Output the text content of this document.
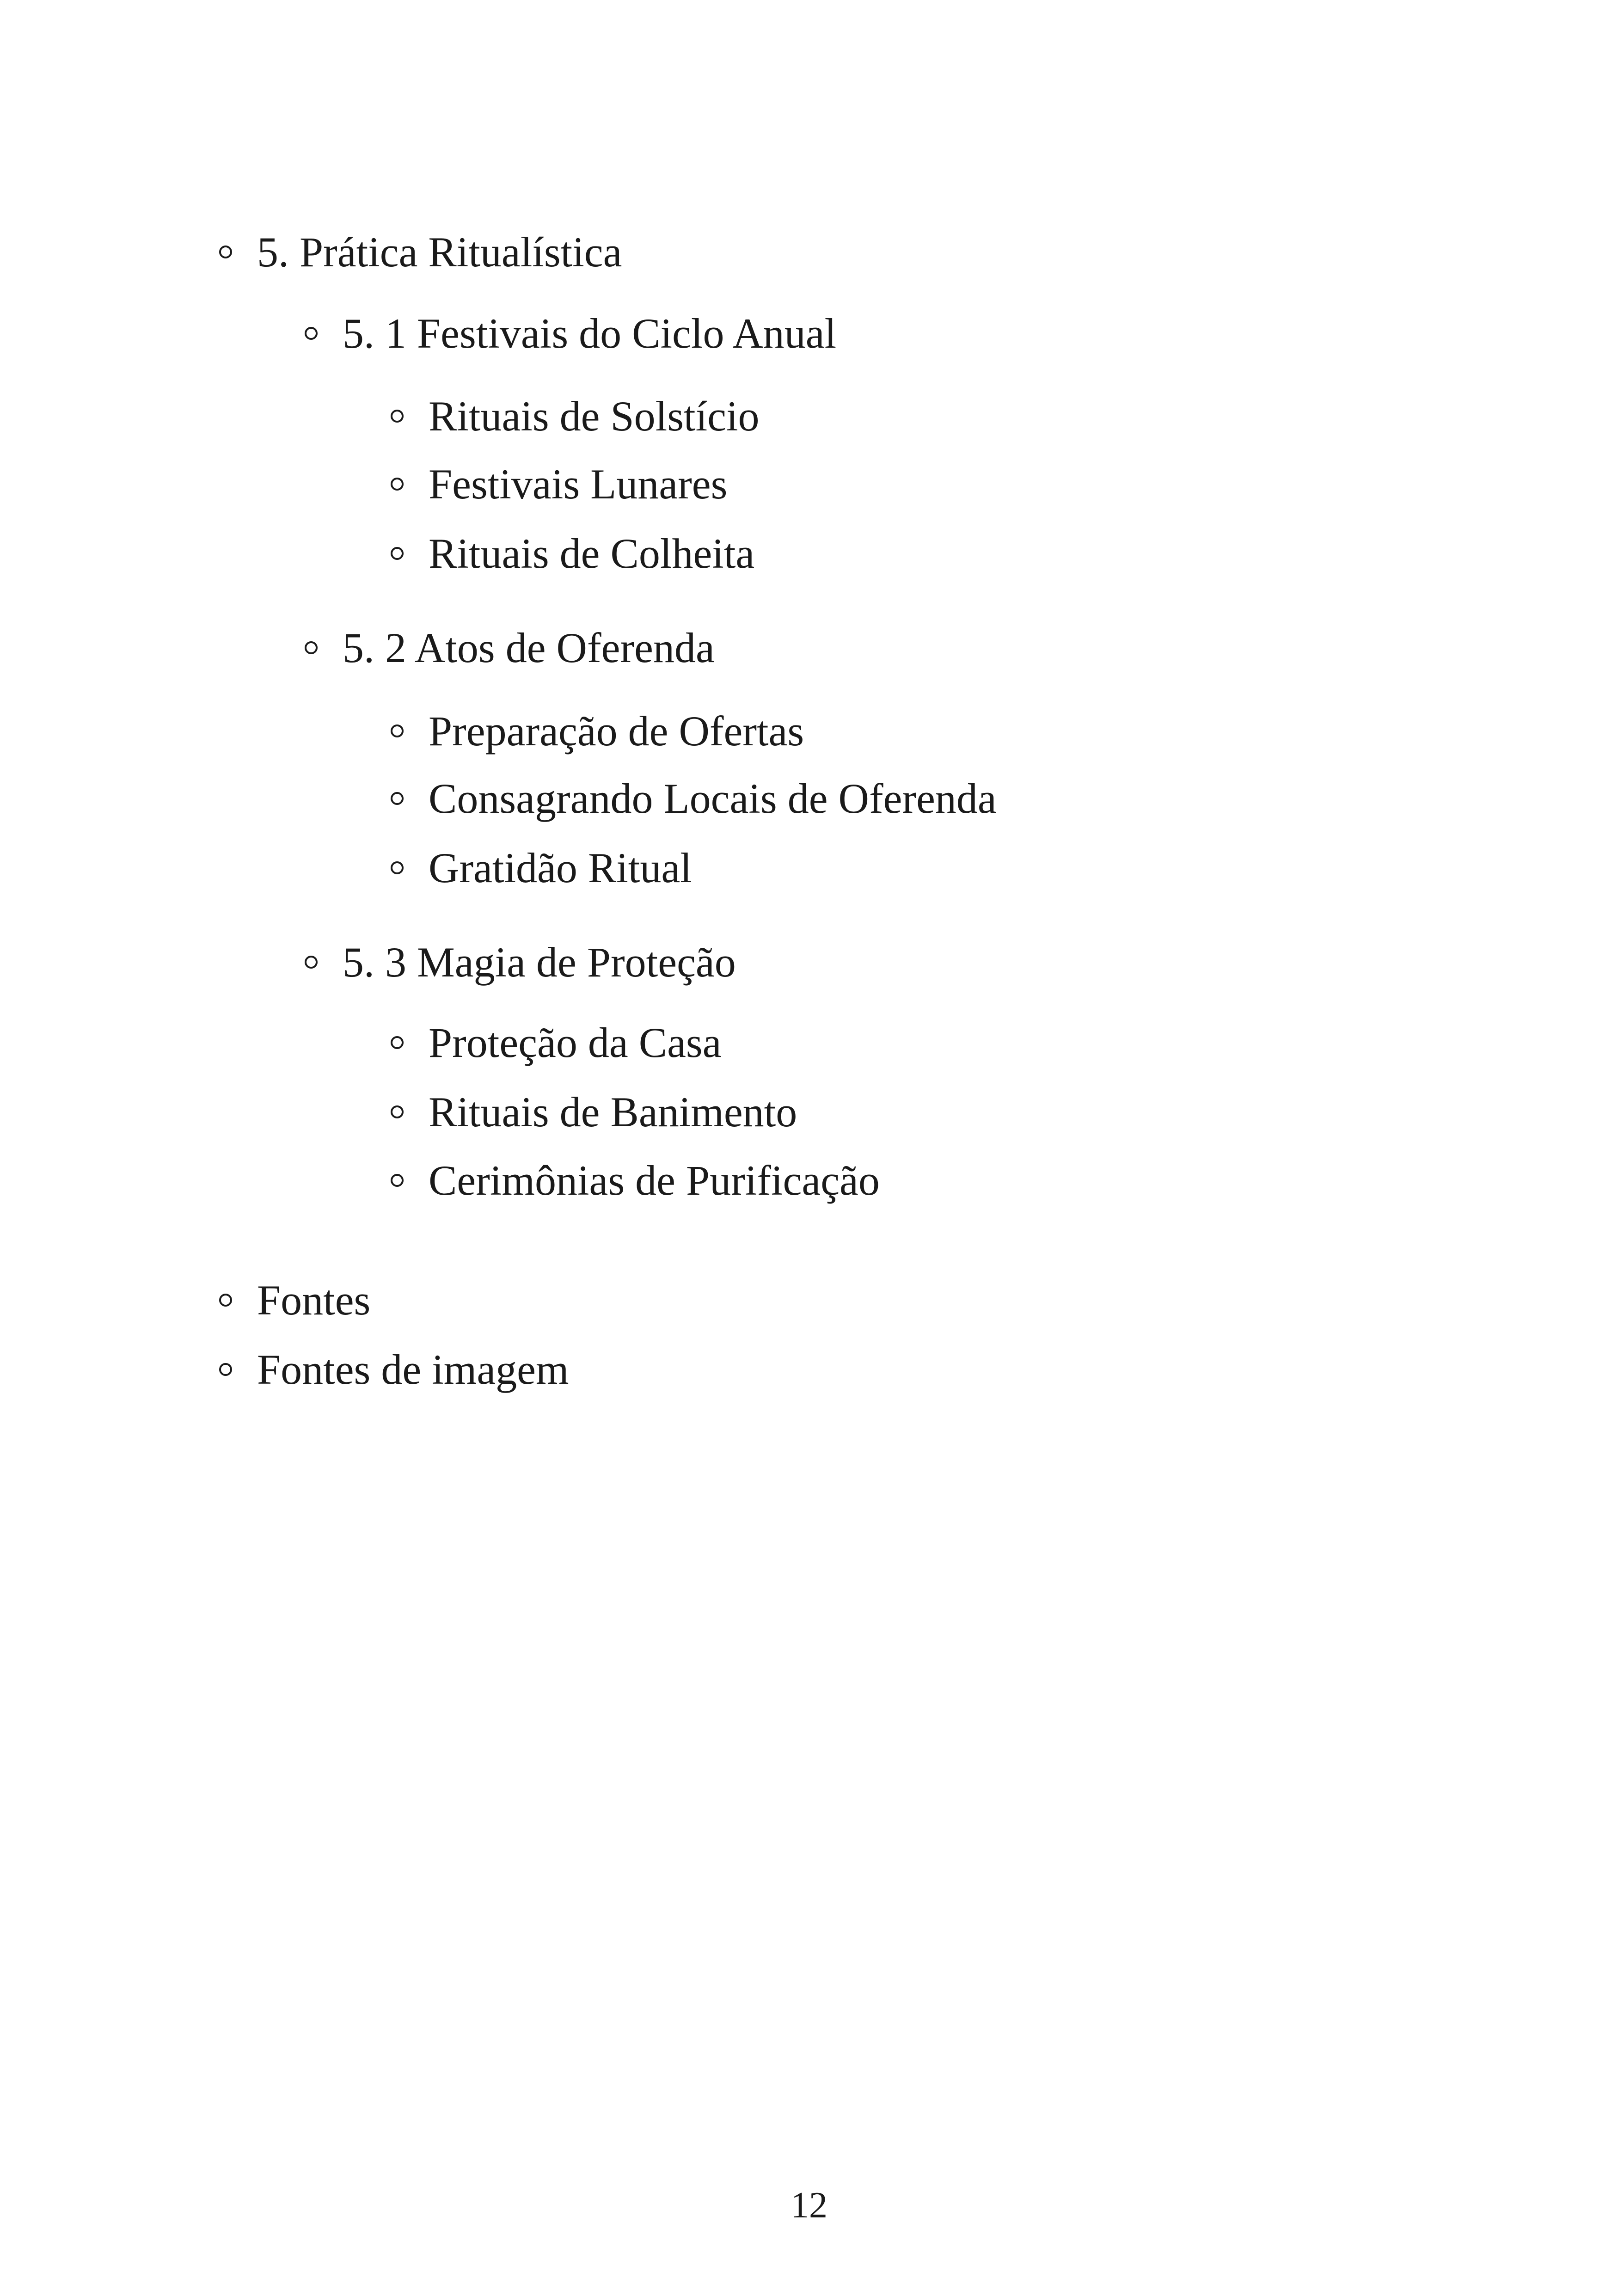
5. Prática Ritualística
5. 1 Festivais do Ciclo Anual
Rituais de Solstício
Festivais Lunares
Rituais de Colheita
5. 2 Atos de Oferenda
Preparação de Ofertas
Consagrando Locais de Oferenda
Gratidão Ritual
5. 3 Magia de Proteção
Proteção da Casa
Rituais de Banimento
Cerimônias de Purificação
Fontes
Fontes de imagem
12
